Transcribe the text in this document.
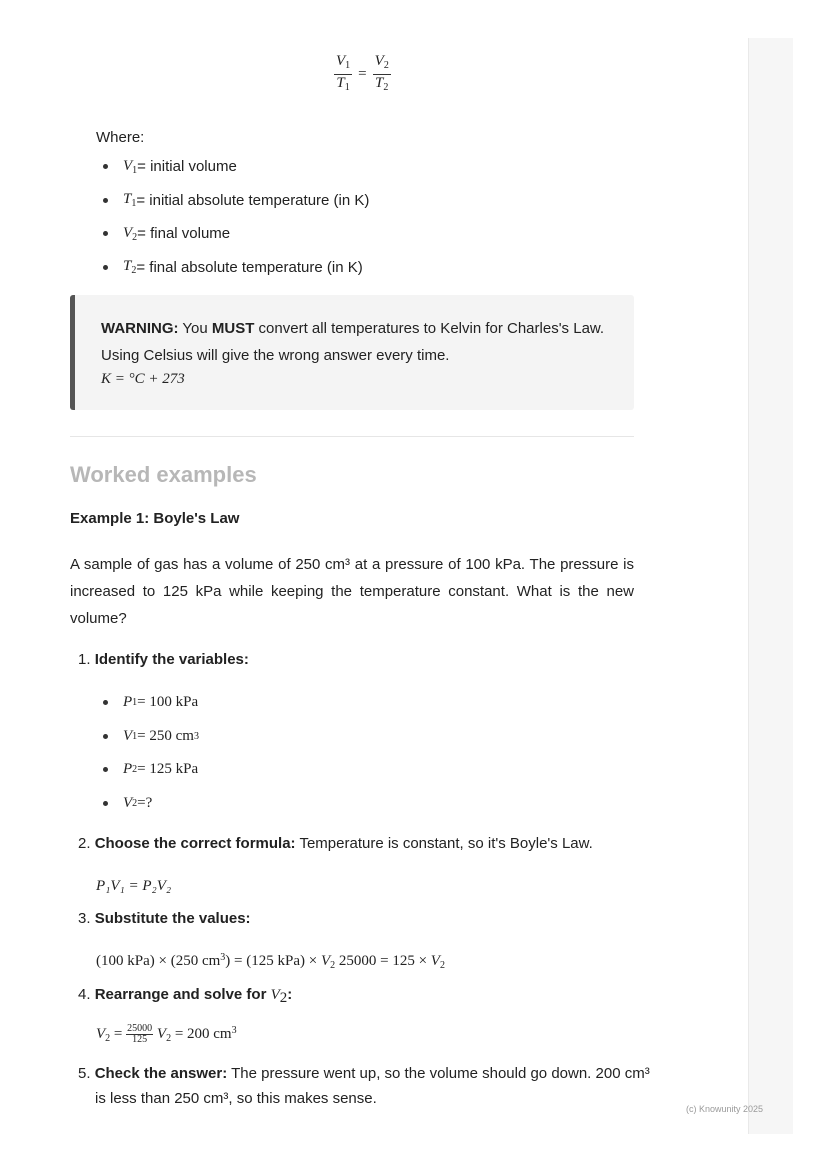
(c) Knowunity 2025
$\frac{V_1}{T_1} = \frac{V_2}{T_2}$
Where:
$V_1$ = initial volume
$T_1$ = initial absolute temperature (in K)
$V_2$ = final volume
$T_2$ = final absolute temperature (in K)
WARNING: You MUST convert all temperatures to Kelvin for Charles's Law. Using Celsius will give the wrong answer every time.
K = °C + 273
Worked examples
Example 1: Boyle's Law
A sample of gas has a volume of 250 cm³ at a pressure of 100 kPa. The pressure is increased to 125 kPa while keeping the temperature constant. What is the new volume?
1. Identify the variables:
P 1 = 100 kPa
V 1 = 250 cm 3
P 2 = 125 kPa
V 2 =?
2. Choose the correct formula: Temperature is constant, so it's Boyle's Law.
P₁V₁ = P₂V₂
3. Substitute the values:
(100 kPa) × (250 $cm^3) = (125$ $kPa) \times V_2$ $25000 = 125 \times V_2$
4. Rearrange and solve for $V_2$:
$V_2 = \frac{25000}{125} V_2 = 200$ $cm^3$
5. Check the answer: The pressure went up, so the volume should go down. 200 cm³ is less than 250 cm³, so this makes sense.
